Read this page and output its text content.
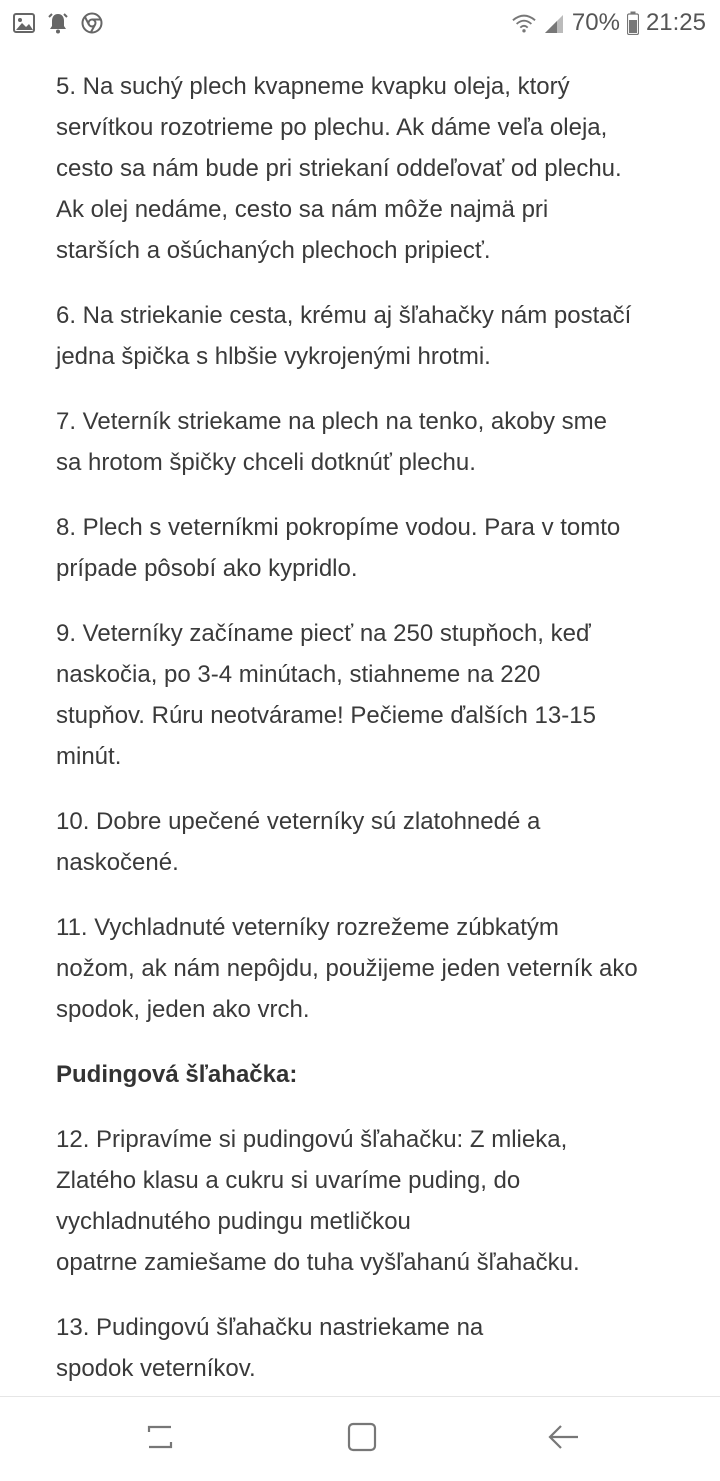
70% 21:25
5. Na suchý plech kvapneme kvapku oleja, ktorý
servítkou rozotrieme po plechu. Ak dáme veľa oleja,
cesto sa nám bude pri striekaní oddeľovať od plechu.
Ak olej nedáme, cesto sa nám môže najmä pri
starších a ošúchaných plechoch pripiecť.
6. Na striekanie cesta, krému aj šľahačky nám postačí
jedna špička s hlbšie vykrojenými hrotmi.
7. Veterník striekame na plech na tenko, akoby sme
sa hrotom špičky chceli dotknúť plechu.
8. Plech s veterníkmi pokropíme vodou. Para v tomto
prípade pôsobí ako kypridlo.
9. Veterníky začíname piecť na 250 stupňoch, keď
naskočia, po 3-4 minútach, stiahneme na 220
stupňov. Rúru neotvárame! Pečieme ďalších 13-15
minút.
10. Dobre upečené veterníky sú zlatohnedé a
naskočené.
11. Vychladnuté veterníky rozrežeme zúbkatým
nožom, ak nám nepôjdu, použijeme jeden veterník ako
spodok, jeden ako vrch.
Pudingová šľahačka:
12. Pripravíme si pudingovú šľahačku: Z mlieka,
Zlatého klasu a cukru si uvaríme puding, do
vychladnutého pudingu metličkou
opatrne zamiešame do tuha vyšľahanú šľahačku.
13. Pudingovú šľahačku nastriekame na
spodok veterníkov.
